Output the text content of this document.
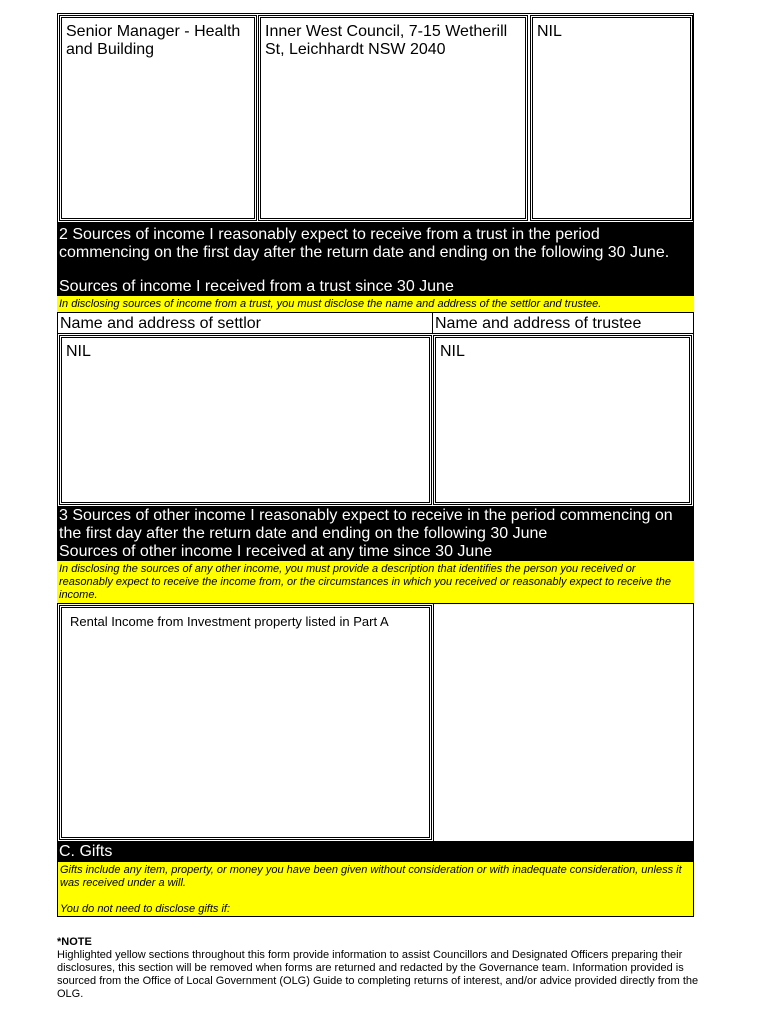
Senior Manager - Health and Building
Inner West Council, 7-15 Wetherill St, Leichhardt NSW 2040
NIL
2 Sources of income I reasonably expect to receive from a trust in the period commencing on the first day after the return date and ending on the following 30 June.
Sources of income I received from a trust since 30 June
In disclosing sources of income from a trust, you must disclose the name and address of the settlor and trustee.
Name and address of settlor	Name and address of trustee
NIL	NIL
3 Sources of other income I reasonably expect to receive in the period commencing on the first day after the return date and ending on the following 30 June
Sources of other income I received at any time since 30 June
In disclosing the sources of any other income, you must provide a description that identifies the person you received or reasonably expect to receive the income from, or the circumstances in which you received or reasonably expect to receive the income.
Rental Income from Investment property listed in Part A
C. Gifts
Gifts include any item, property, or money you have been given without consideration or with inadequate consideration, unless it was received under a will.
You do not need to disclose gifts if:
*NOTE
Highlighted yellow sections throughout this form provide information to assist Councillors and Designated Officers preparing their disclosures, this section will be removed when forms are returned and redacted by the Governance team. Information provided is sourced from the Office of Local Government (OLG) Guide to completing returns of interest, and/or advice provided directly from the OLG.
